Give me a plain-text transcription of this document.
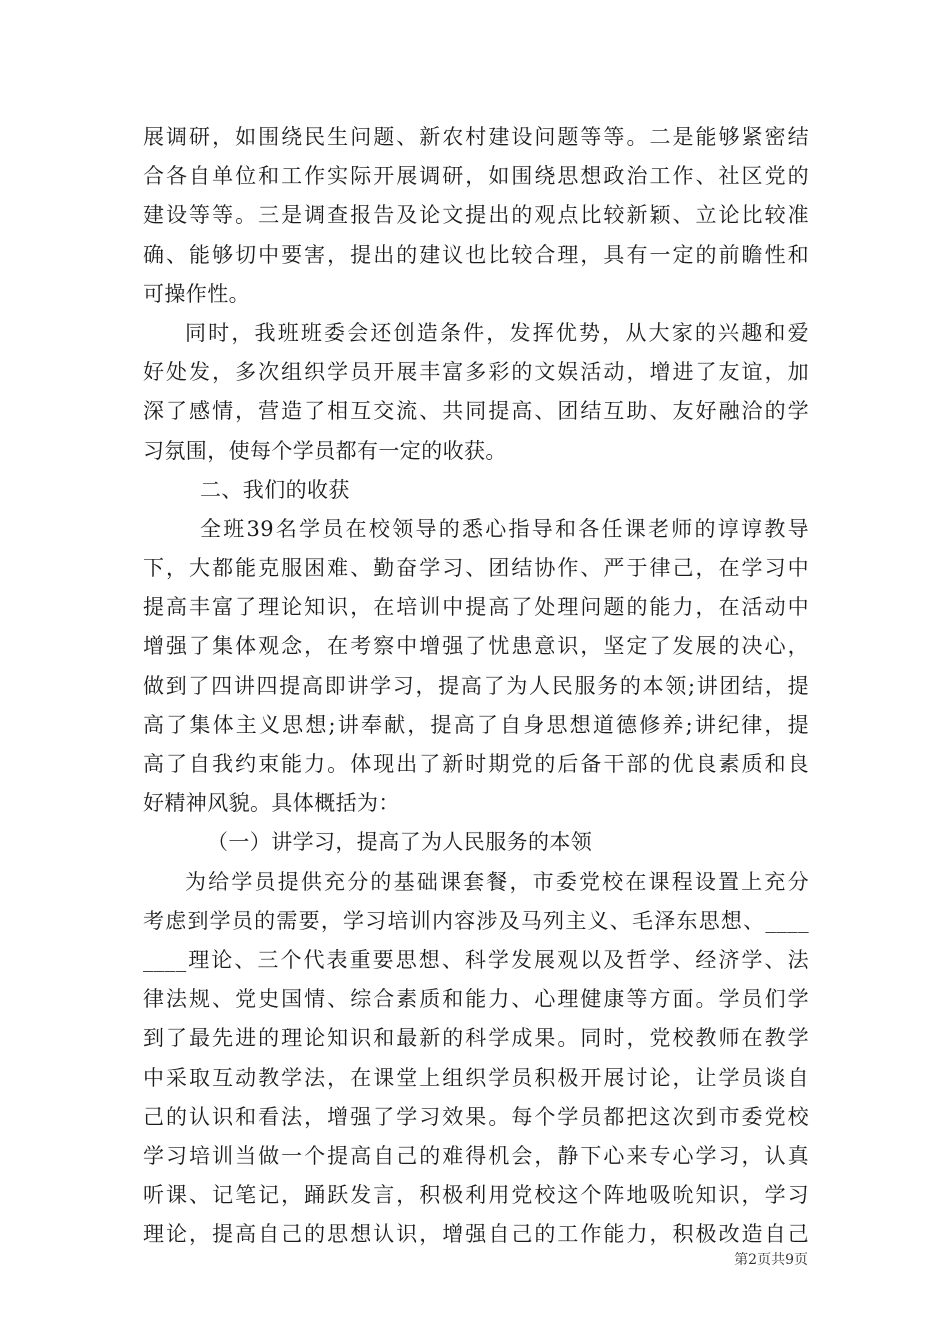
展调研，如围绕民生问题、新农村建设问题等等。二是能够紧密结
合各自单位和工作实际开展调研，如围绕思想政治工作、社区党的
建设等等。三是调查报告及论文提出的观点比较新颖、立论比较准
确、能够切中要害，提出的建议也比较合理，具有一定的前瞻性和
可操作性。
同时，我班班委会还创造条件，发挥优势，从大家的兴趣和爱
好处发，多次组织学员开展丰富多彩的文娱活动，增进了友谊，加
深了感情，营造了相互交流、共同提高、团结互助、友好融洽的学
习氛围，使每个学员都有一定的收获。
二、我们的收获
全班39名学员在校领导的悉心指导和各任课老师的谆谆教导
下，大都能克服困难、勤奋学习、团结协作、严于律己，在学习中
提高丰富了理论知识，在培训中提高了处理问题的能力，在活动中
增强了集体观念，在考察中增强了忧患意识，坚定了发展的决心，
做到了四讲四提高即讲学习，提高了为人民服务的本领;讲团结，提
高了集体主义思想;讲奉献，提高了自身思想道德修养;讲纪律，提
高了自我约束能力。体现出了新时期党的后备干部的优良素质和良
好精神风貌。具体概括为：
（一）讲学习，提高了为人民服务的本领
为给学员提供充分的基础课套餐，市委党校在课程设置上充分
考虑到学员的需要，学习培训内容涉及马列主义、毛泽东思想、____
____理论、三个代表重要思想、科学发展观以及哲学、经济学、法
律法规、党史国情、综合素质和能力、心理健康等方面。学员们学
到了最先进的理论知识和最新的科学成果。同时，党校教师在教学
中采取互动教学法，在课堂上组织学员积极开展讨论，让学员谈自
己的认识和看法，增强了学习效果。每个学员都把这次到市委党校
学习培训当做一个提高自己的难得机会，静下心来专心学习，认真
听课、记笔记，踊跃发言，积极利用党校这个阵地吸吮知识，学习
理论，提高自己的思想认识，增强自己的工作能力，积极改造自己
第2页共9页
